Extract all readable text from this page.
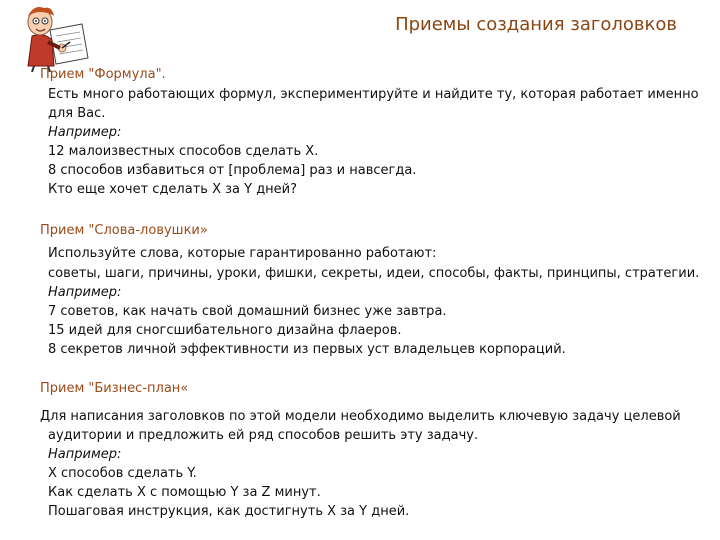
Приемы создания заголовков
Прием "Формула".
Есть много работающих формул, экспериментируйте и найдите ту, которая работает именно
для Вас.
Например:
12 малоизвестных способов сделать X.
8 способов избавиться от [проблема] раз и навсегда.
Кто еще хочет сделать X за Y дней?
Прием "Слова-ловушки»
Используйте слова, которые гарантированно работают:
советы, шаги, причины, уроки, фишки, секреты, идеи, способы, факты, принципы, стратегии.
Например:
7 советов, как начать свой домашний бизнес уже завтра.
15 идей для сногсшибательного дизайна флаеров.
8 секретов личной эффективности из первых уст владельцев корпораций.
Прием "Бизнес-план«
Для написания заголовков по этой модели необходимо выделить ключевую задачу целевой
аудитории и предложить ей ряд способов решить эту задачу.
Например:
X способов сделать Y.
Как сделать X с помощью Y за Z минут.
Пошаговая инструкция, как достигнуть X за Y дней.
